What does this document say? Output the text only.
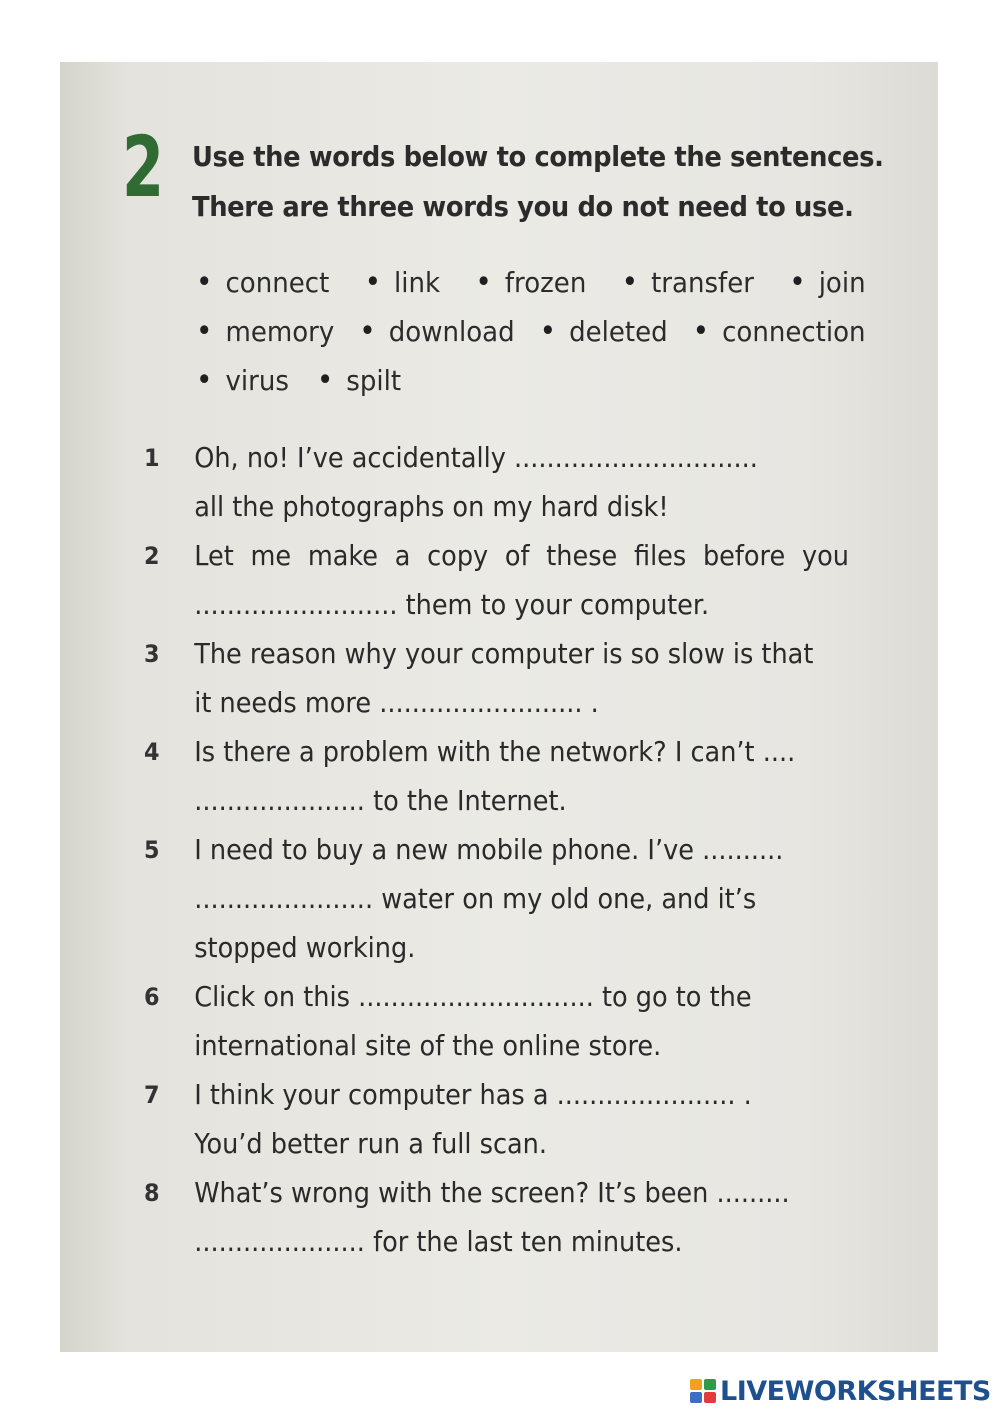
2 Use the words below to complete the sentences.
There are three words you do not need to use.
• connect • link • frozen • transfer • join
• memory • download • deleted • connection
• virus • spilt
1 Oh, no! I’ve accidentally ..............................
all the photographs on my hard disk!
2 Let me make a copy of these files before you
......................... them to your computer.
3 The reason why your computer is so slow is that
it needs more ......................... .
4 Is there a problem with the network? I can’t ....
..................... to the Internet.
5 I need to buy a new mobile phone. I’ve ..........
...................... water on my old one, and it’s
stopped working.
6 Click on this ............................. to go to the
international site of the online store.
7 I think your computer has a ...................... .
You’d better run a full scan.
8 What’s wrong with the screen? It’s been .........
..................... for the last ten minutes.
LIVEWORKSHEETS
